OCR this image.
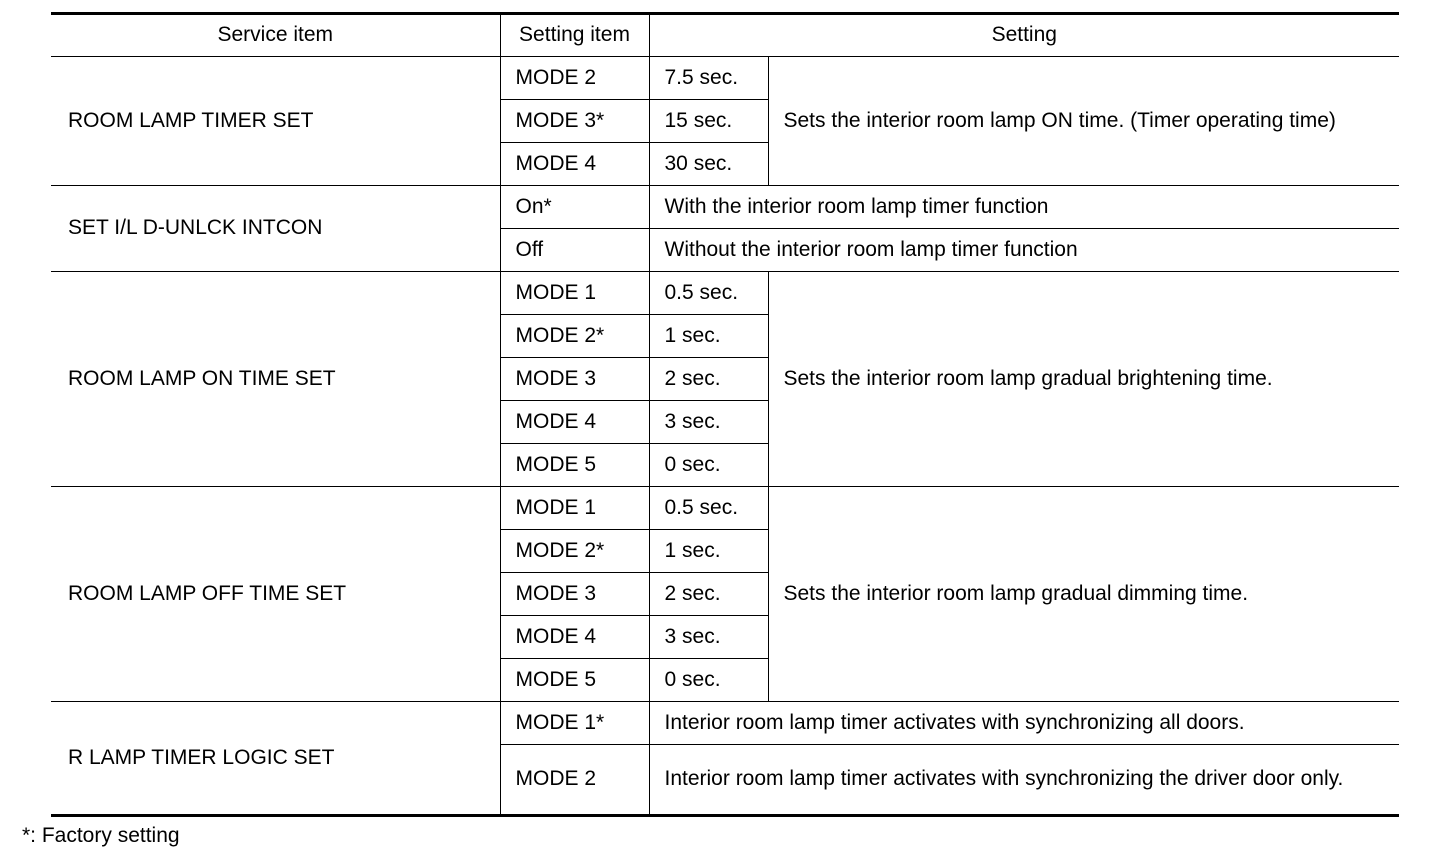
Service item	Setting item	Setting	
ROOM LAMP TIMER SET	MODE 2	7.5 sec.	Sets the interior room lamp ON time. (Timer operating time)
	MODE 3*	15 sec.	
	MODE 4	30 sec.	
SET I/L D-UNLCK INTCON	On*	With the interior room lamp timer function	
	Off	Without the interior room lamp timer function	
ROOM LAMP ON TIME SET	MODE 1	0.5 sec.	Sets the interior room lamp gradual brightening time.
	MODE 2*	1 sec.	
	MODE 3	2 sec.	
	MODE 4	3 sec.	
	MODE 5	0 sec.	
ROOM LAMP OFF TIME SET	MODE 1	0.5 sec.	Sets the interior room lamp gradual dimming time.
	MODE 2*	1 sec.	
	MODE 3	2 sec.	
	MODE 4	3 sec.	
	MODE 5	0 sec.	
R LAMP TIMER LOGIC SET	MODE 1*	Interior room lamp timer activates with synchronizing all doors.	
	MODE 2	Interior room lamp timer activates with synchronizing the driver door only.	
*: Factory setting
